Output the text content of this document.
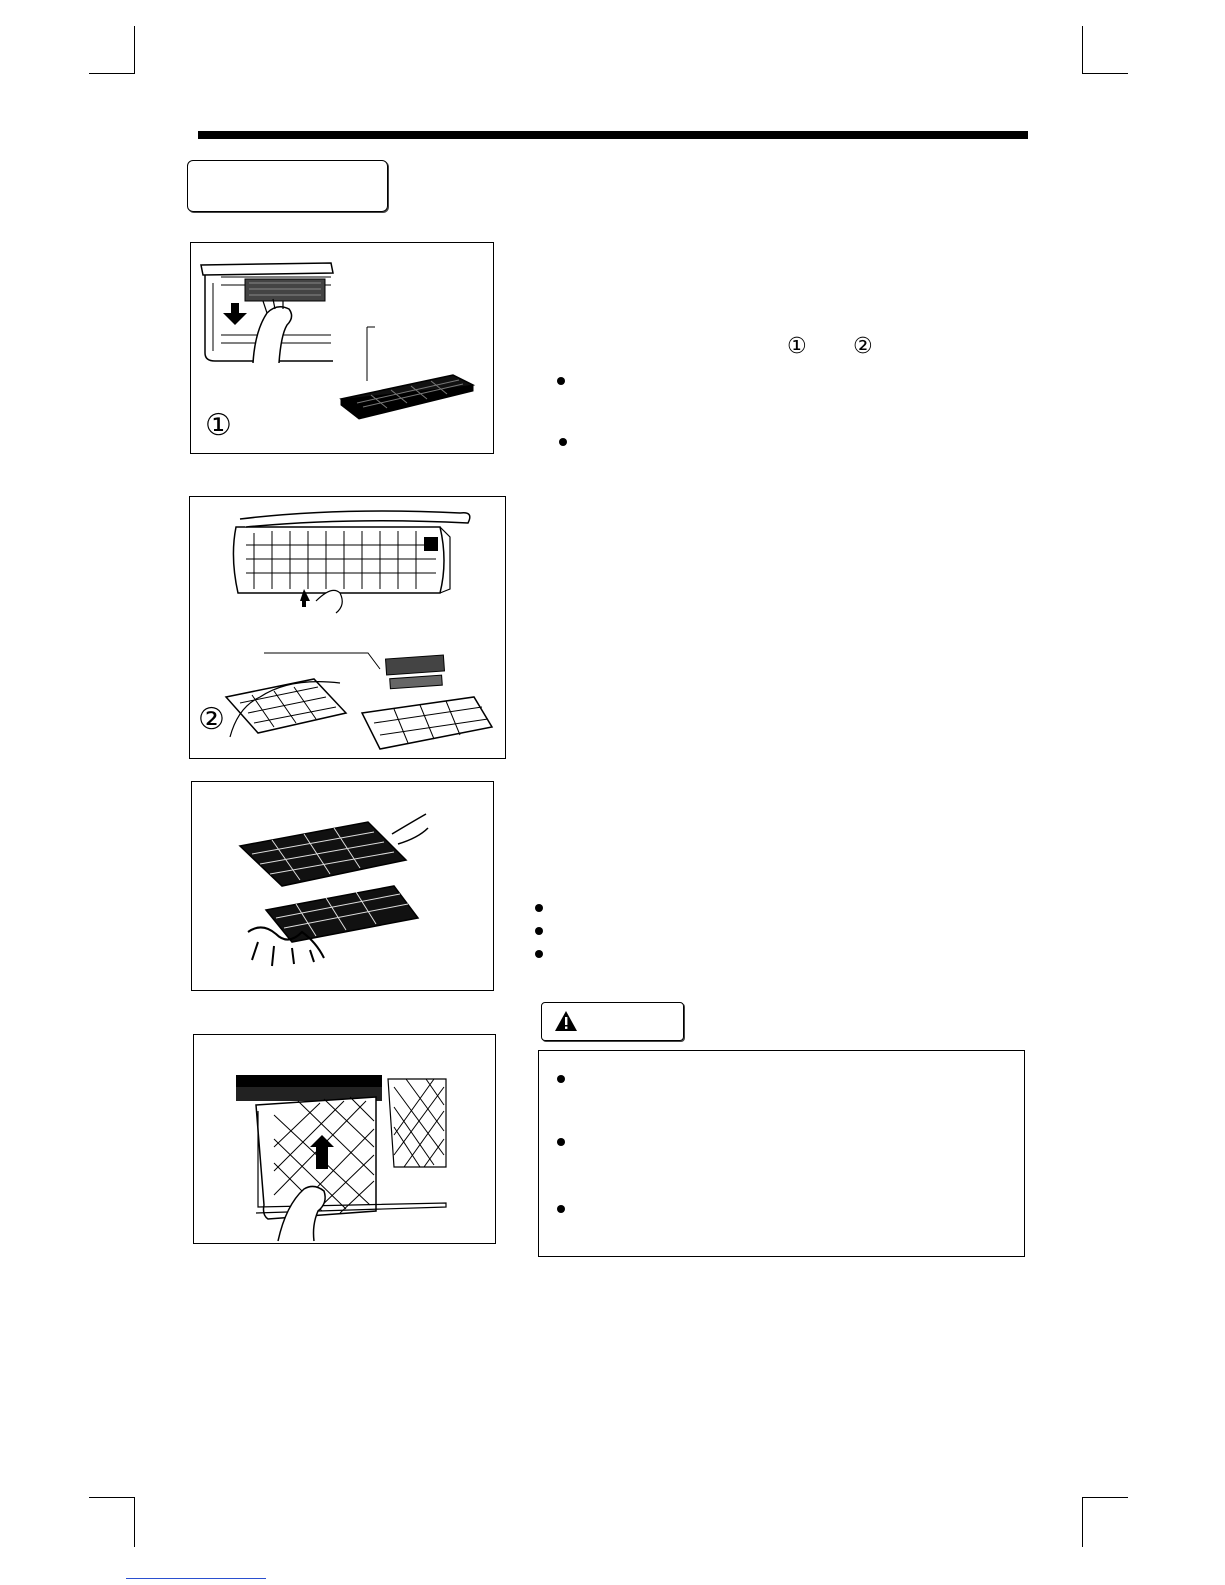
①
① ②
②
